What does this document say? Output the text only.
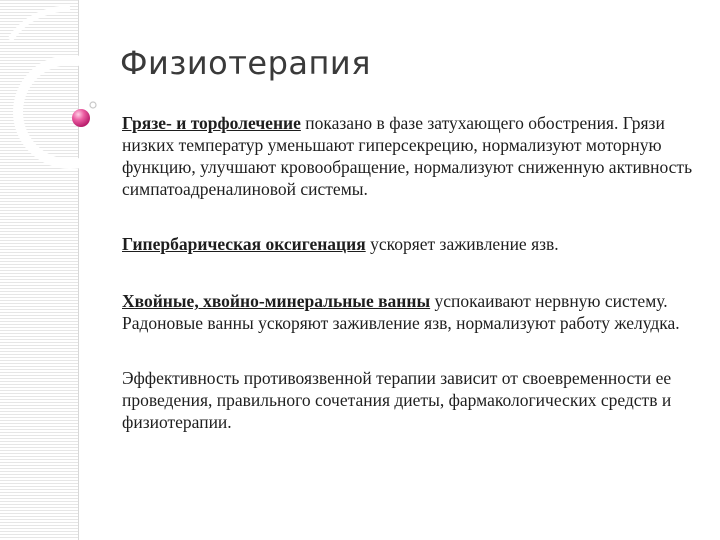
Физиотерапия

Грязе- и торфолечение показано в фазе затухающего обострения. Грязи низких температур уменьшают гиперсекрецию, нормализуют моторную функцию, улучшают кровообращение, нормализуют сниженную активность симпатоадреналиновой системы.

Гипербарическая оксигенация ускоряет заживление язв.

Хвойные, хвойно-минеральные ванны успокаивают нервную систему. Радоновые ванны ускоряют заживление язв, нормализуют работу желудка.

Эффективность противоязвенной терапии зависит от своевременности ее проведения, правильного сочетания диеты, фармакологических средств и физиотерапии.
